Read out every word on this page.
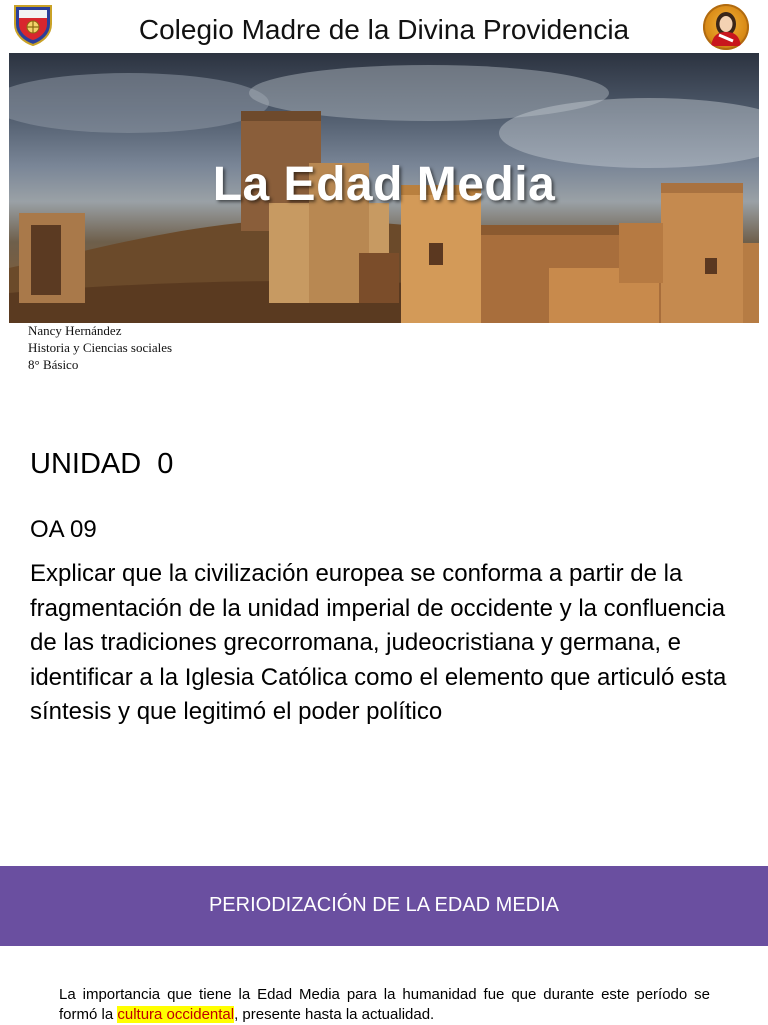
Colegio Madre de la Divina Providencia
La Edad Media
Nancy Hernández
Historia y Ciencias sociales
8° Básico
UNIDAD  0
OA 09
Explicar que la civilización europea se conforma a partir de la fragmentación de la unidad imperial de occidente y la confluencia de las tradiciones grecorromana, judeocristiana y germana, e identificar a la Iglesia Católica como el elemento que articuló esta síntesis y que legitimó el poder político
PERIODIZACIÓN DE LA EDAD MEDIA
La importancia que tiene la Edad Media para la humanidad fue que durante este período se formó la cultura occidental, presente hasta la actualidad.
